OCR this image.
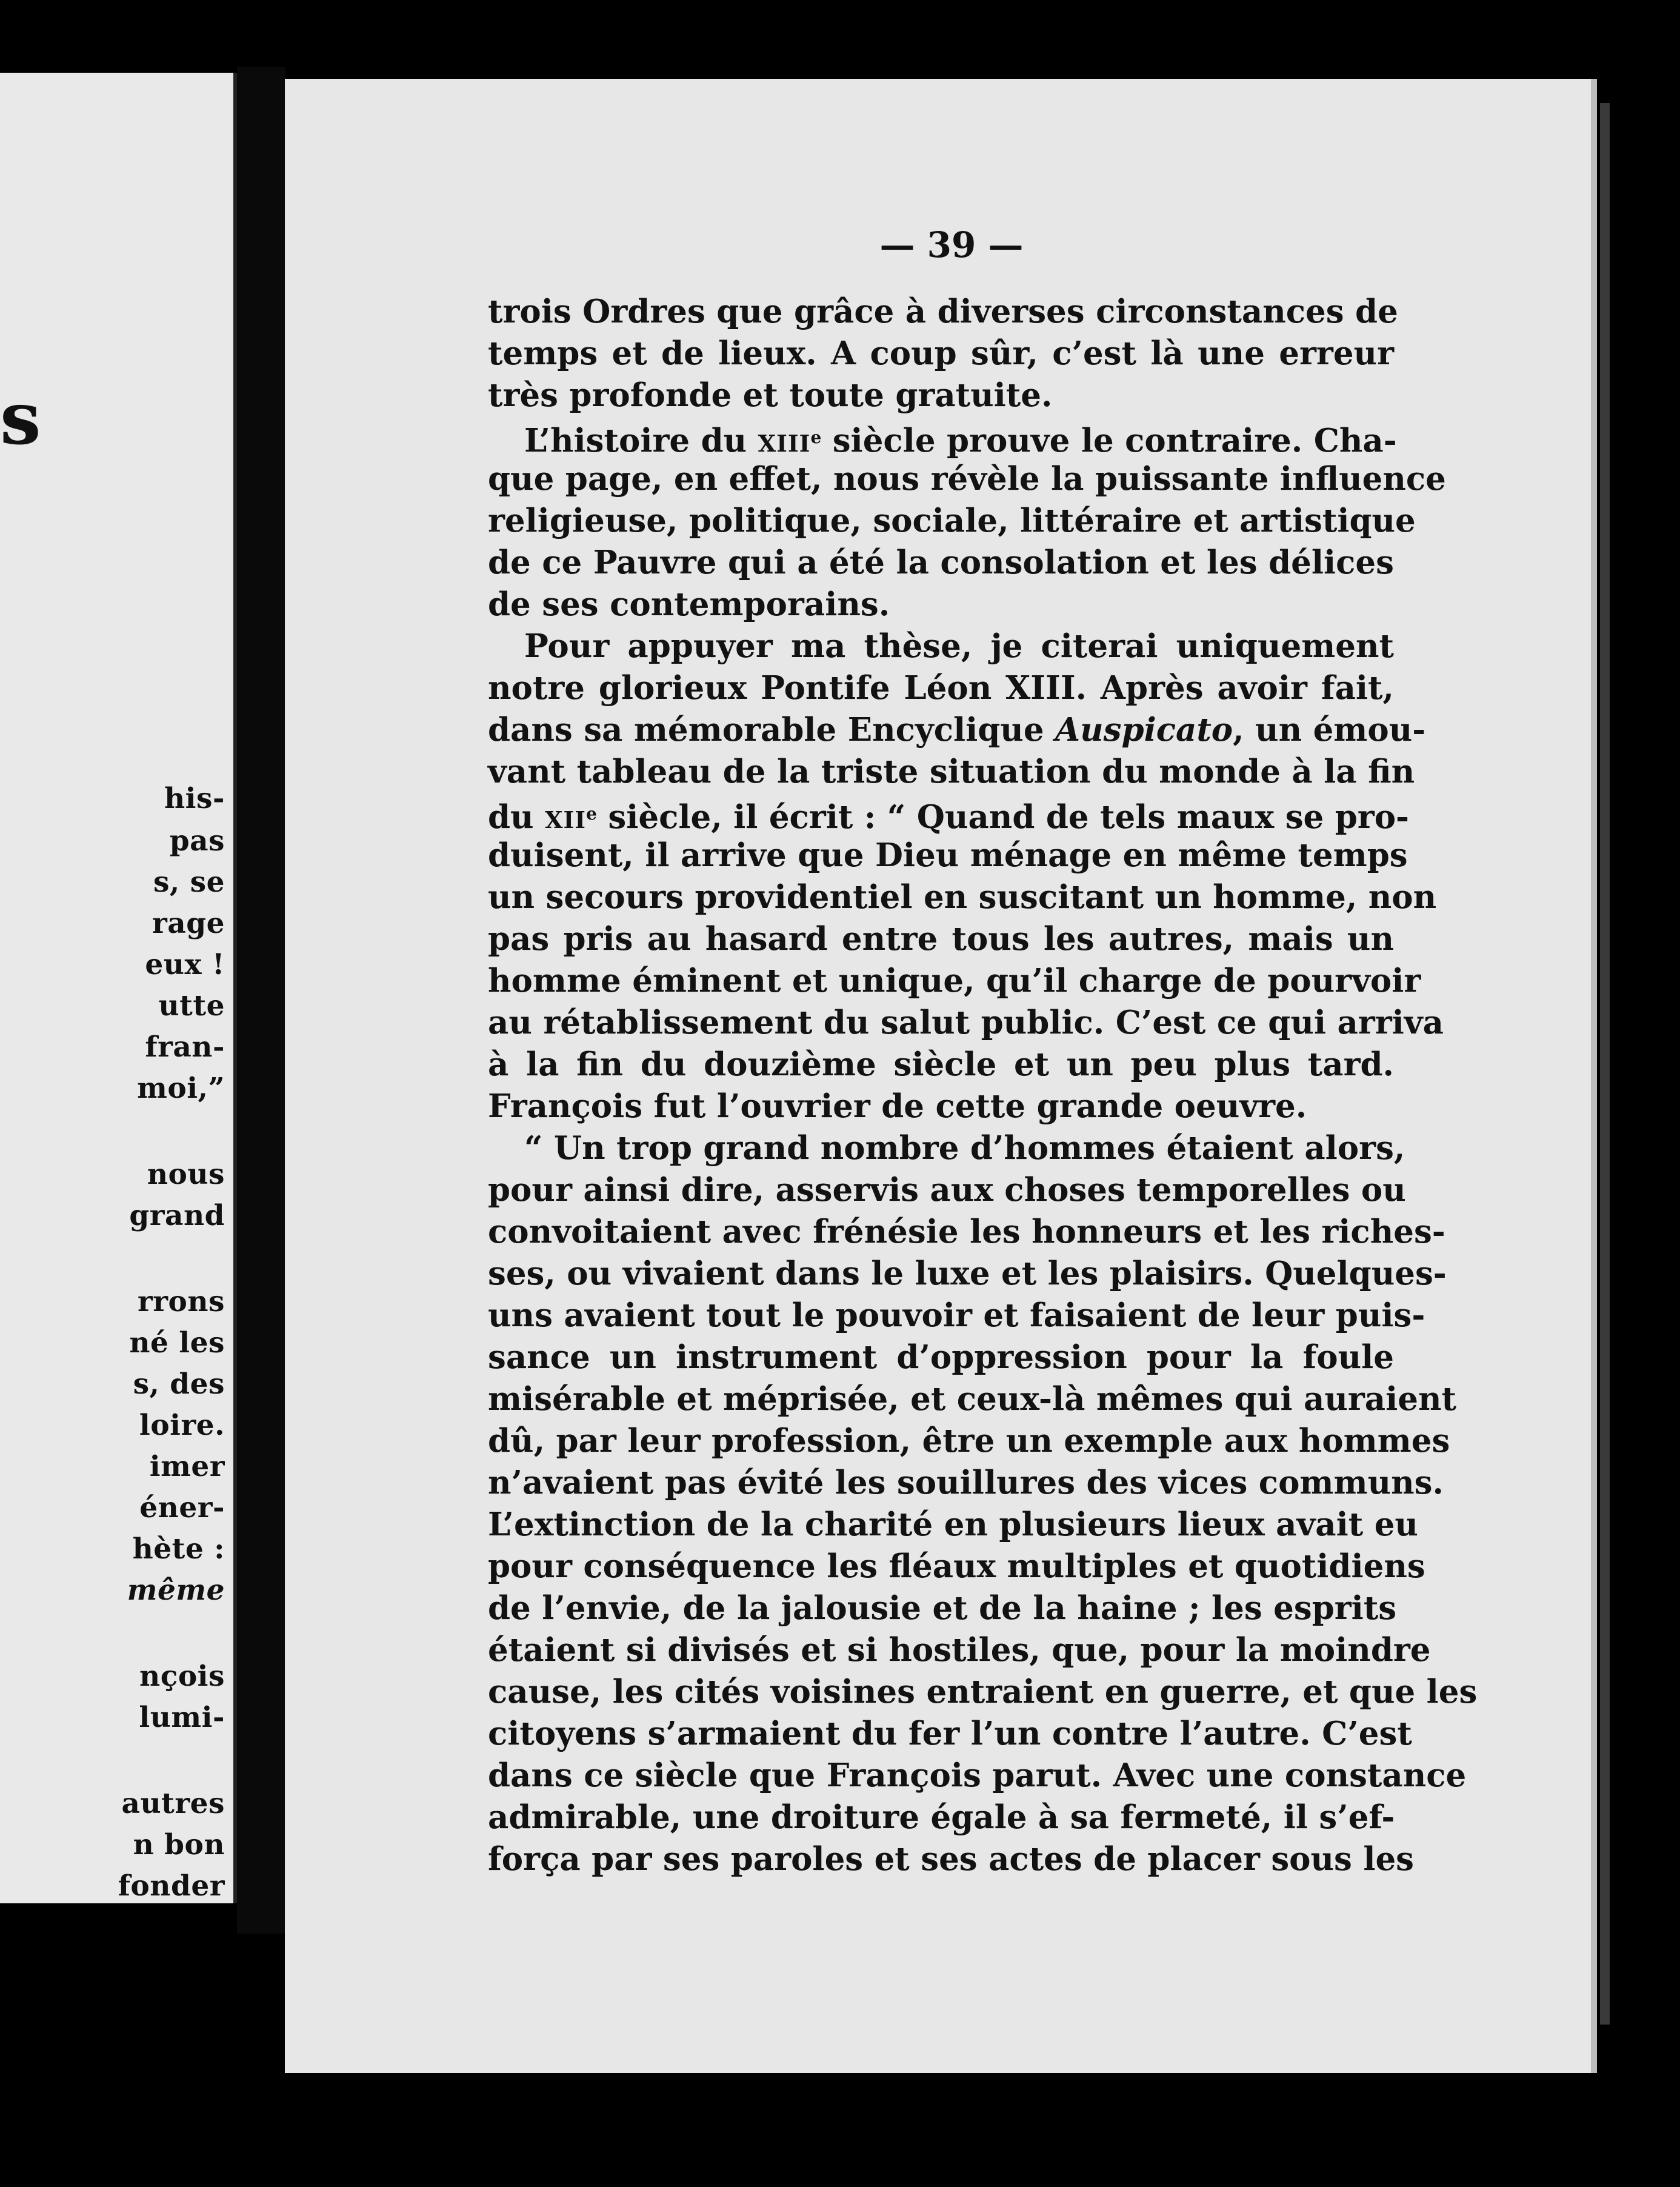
s
his-
pas
s, se
rage
eux !
utte
fran-
moi,”
nous
grand
rrons
né les
s, des
loire.
imer
éner-
hète :
même
nçois
lumi-
autres
n bon
fonder
— 39 —
trois Ordres que grâce à diverses circonstances de
temps et de lieux. A coup sûr, c’est là une erreur
très profonde et toute gratuite.
L’histoire du XIIIe siècle prouve le contraire. Cha-
que page, en effet, nous révèle la puissante influence
religieuse, politique, sociale, littéraire et artistique
de ce Pauvre qui a été la consolation et les délices
de ses contemporains.
Pour appuyer ma thèse, je citerai uniquement
notre glorieux Pontife Léon XIII. Après avoir fait,
dans sa mémorable Encyclique Auspicato, un émou-
vant tableau de la triste situation du monde à la fin
du XIIe siècle, il écrit : “ Quand de tels maux se pro-
duisent, il arrive que Dieu ménage en même temps
un secours providentiel en suscitant un homme, non
pas pris au hasard entre tous les autres, mais un
homme éminent et unique, qu’il charge de pourvoir
au rétablissement du salut public. C’est ce qui arriva
à la fin du douzième siècle et un peu plus tard.
François fut l’ouvrier de cette grande oeuvre.
“ Un trop grand nombre d’hommes étaient alors,
pour ainsi dire, asservis aux choses temporelles ou
convoitaient avec frénésie les honneurs et les riches-
ses, ou vivaient dans le luxe et les plaisirs. Quelques-
uns avaient tout le pouvoir et faisaient de leur puis-
sance un instrument d’oppression pour la foule
misérable et méprisée, et ceux-là mêmes qui auraient
dû, par leur profession, être un exemple aux hommes
n’avaient pas évité les souillures des vices communs.
L’extinction de la charité en plusieurs lieux avait eu
pour conséquence les fléaux multiples et quotidiens
de l’envie, de la jalousie et de la haine ; les esprits
étaient si divisés et si hostiles, que, pour la moindre
cause, les cités voisines entraient en guerre, et que les
citoyens s’armaient du fer l’un contre l’autre. C’est
dans ce siècle que François parut. Avec une constance
admirable, une droiture égale à sa fermeté, il s’ef-
força par ses paroles et ses actes de placer sous les
